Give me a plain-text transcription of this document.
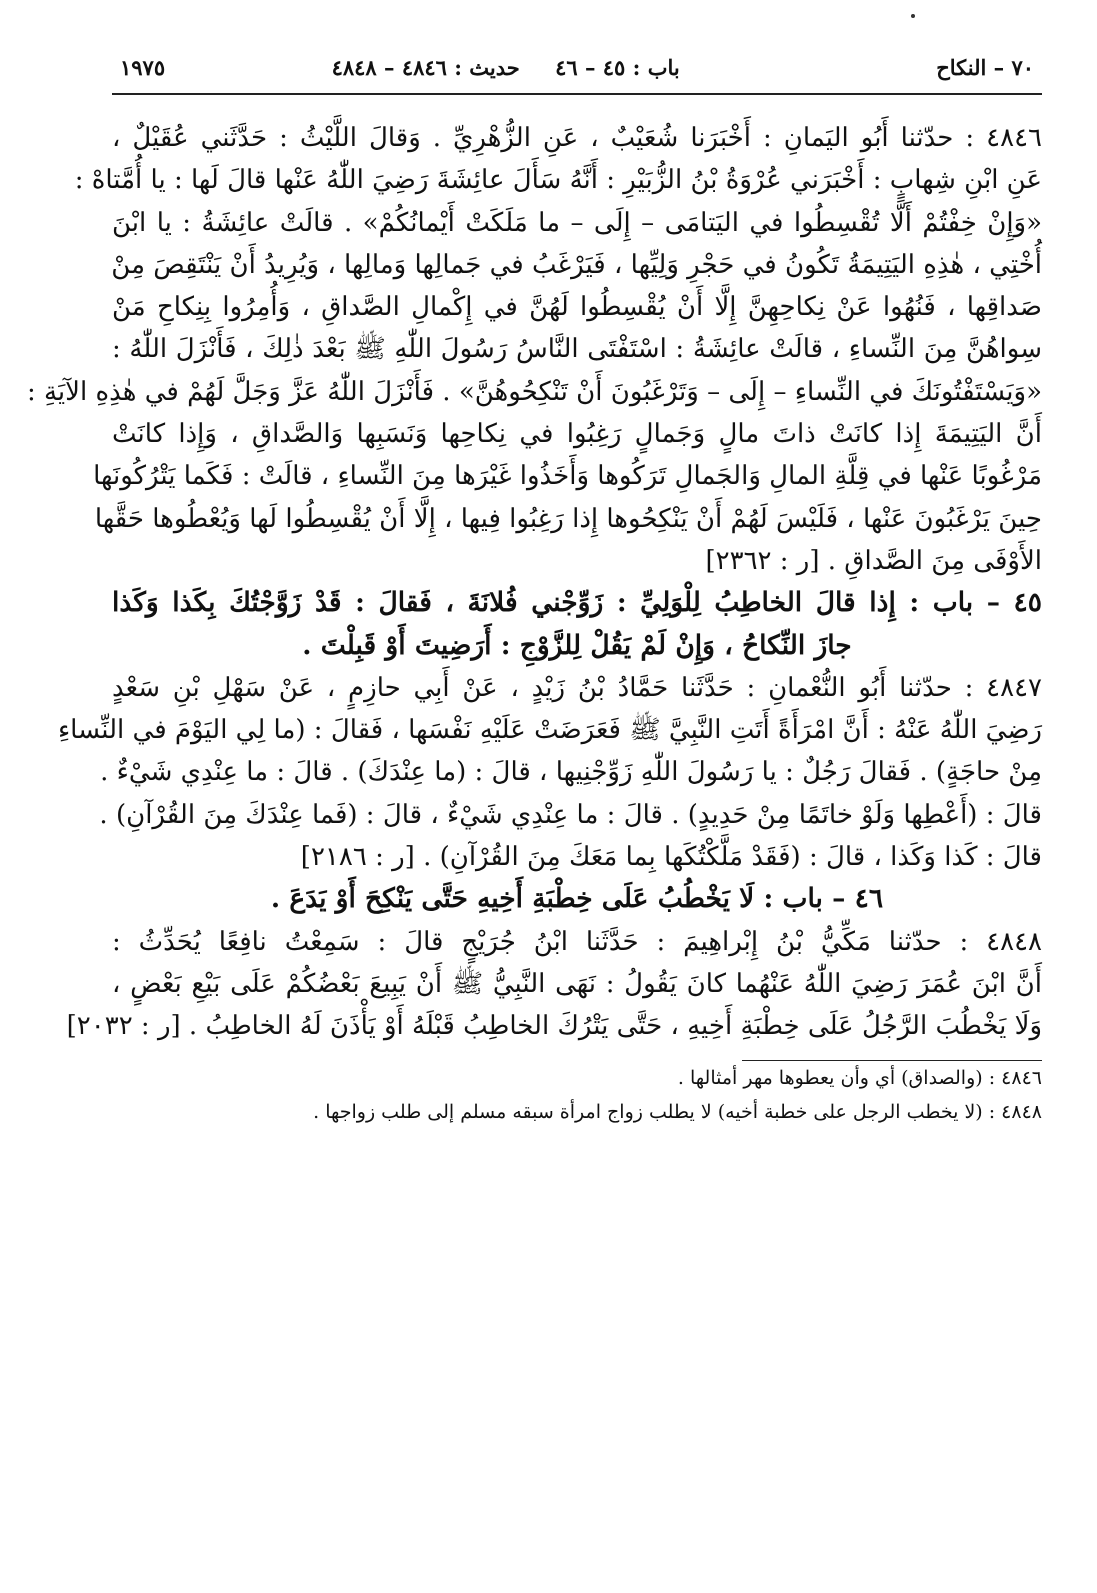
٧٠ – النكاح
باب : ٤٥ – ٤٦ حديث : ٤٨٤٦ – ٤٨٤٨
١٩٧٥

٤٨٤٦ : حدّثنا أَبُو اليَمانِ : أَخْبَرَنا شُعَيْبٌ ، عَنِ الزُّهْرِيِّ . وَقالَ اللَّيْثُ : حَدَّثَني عُقَيْلٌ ،

عَنِ ابْنِ شِهابٍ : أَخْبَرَني عُرْوَةُ بْنُ الزُّبَيْرِ : أَنَّهُ سَأَلَ عائِشَةَ رَضِيَ اللّٰهُ عَنْها قالَ لَها : يا أُمَّتاهْ :

«وَإِنْ خِفْتُمْ أَلَّا تُقْسِطُوا في اليَتامَى – إِلَى – ما مَلَكَتْ أَيْمانُكُمْ» . قالَتْ عائِشَةُ : يا ابْنَ

أُخْتِي ، هٰذِهِ اليَتِيمَةُ تَكُونُ في حَجْرِ وَلِيِّها ، فَيَرْغَبُ في جَمالِها وَمالِها ، وَيُرِيدُ أَنْ يَنْتَقِصَ مِنْ

صَداقِها ، فَنُهُوا عَنْ نِكاحِهِنَّ إِلَّا أَنْ يُقْسِطُوا لَهُنَّ في إِكْمالِ الصَّداقِ ، وَأُمِرُوا بِنِكاحِ مَنْ

سِواهُنَّ مِنَ النِّساءِ ، قالَتْ عائِشَةُ : اسْتَفْتَى النَّاسُ رَسُولَ اللّٰهِ ﷺ بَعْدَ ذٰلِكَ ، فَأَنْزَلَ اللّٰهُ :

«وَيَسْتَفْتُونَكَ في النِّساءِ – إِلَى – وَتَرْغَبُونَ أَنْ تَنْكِحُوهُنَّ» . فَأَنْزَلَ اللّٰهُ عَزَّ وَجَلَّ لَهُمْ في هٰذِهِ الآيَةِ :

أَنَّ اليَتِيمَةَ إِذا كانَتْ ذاتَ مالٍ وَجَمالٍ رَغِبُوا في نِكاحِها وَنَسَبِها وَالصَّداقِ ، وَإِذا كانَتْ

مَرْغُوبًا عَنْها في قِلَّةِ المالِ وَالجَمالِ تَرَكُوها وَأَخَذُوا غَيْرَها مِنَ النِّساءِ ، قالَتْ : فَكَما يَتْرُكُونَها

حِينَ يَرْغَبُونَ عَنْها ، فَلَيْسَ لَهُمْ أَنْ يَنْكِحُوها إِذا رَغِبُوا فِيها ، إِلَّا أَنْ يُقْسِطُوا لَها وَيُعْطُوها حَقَّها

الأَوْفَى مِنَ الصَّداقِ . [ر : ٢٣٦٢]

٤٥ – باب : إِذا قالَ الخاطِبُ لِلْوَلِيِّ : زَوِّجْني فُلانَةَ ، فَقالَ : قَدْ زَوَّجْتُكَ بِكَذا وَكَذا

جازَ النِّكاحُ ، وَإِنْ لَمْ يَقُلْ لِلزَّوْجِ : أَرَضِيتَ أَوْ قَبِلْتَ .

٤٨٤٧ : حدّثنا أَبُو النُّعْمانِ : حَدَّثَنا حَمَّادُ بْنُ زَيْدٍ ، عَنْ أَبِي حازِمٍ ، عَنْ سَهْلِ بْنِ سَعْدٍ

رَضِيَ اللّٰهُ عَنْهُ : أَنَّ امْرَأَةً أَتَتِ النَّبِيَّ ﷺ فَعَرَضَتْ عَلَيْهِ نَفْسَها ، فَقالَ : (ما لِي اليَوْمَ في النِّساءِ

مِنْ حاجَةٍ) . فَقالَ رَجُلٌ : يا رَسُولَ اللّٰهِ زَوِّجْنِيها ، قالَ : (ما عِنْدَكَ) . قالَ : ما عِنْدِي شَيْءٌ .

قالَ : (أَعْطِها وَلَوْ خاتَمًا مِنْ حَدِيدٍ) . قالَ : ما عِنْدِي شَيْءٌ ، قالَ : (فَما عِنْدَكَ مِنَ القُرْآنِ) .

قالَ : كَذا وَكَذا ، قالَ : (فَقَدْ مَلَّكْتُكَها بِما مَعَكَ مِنَ القُرْآنِ) . [ر : ٢١٨٦]

٤٦ – باب : لَا يَخْطُبُ عَلَى خِطْبَةِ أَخِيهِ حَتَّى يَنْكِحَ أَوْ يَدَعَ .

٤٨٤٨ : حدّثنا مَكِّيُّ بْنُ إِبْراهِيمَ : حَدَّثَنا ابْنُ جُرَيْجٍ قالَ : سَمِعْتُ نافِعًا يُحَدِّثُ :

أَنَّ ابْنَ عُمَرَ رَضِيَ اللّٰهُ عَنْهُما كانَ يَقُولُ : نَهَى النَّبِيُّ ﷺ أَنْ يَبِيعَ بَعْضُكُمْ عَلَى بَيْعِ بَعْضٍ ،

وَلَا يَخْطُبَ الرَّجُلُ عَلَى خِطْبَةِ أَخِيهِ ، حَتَّى يَتْرُكَ الخاطِبُ قَبْلَهُ أَوْ يَأْذَنَ لَهُ الخاطِبُ . [ر : ٢٠٣٢]

٤٨٤٦ : (والصداق) أي وأن يعطوها مهر أمثالها .

٤٨٤٨ : (لا يخطب الرجل على خطبة أخيه) لا يطلب زواج امرأة سبقه مسلم إلى طلب زواجها .
